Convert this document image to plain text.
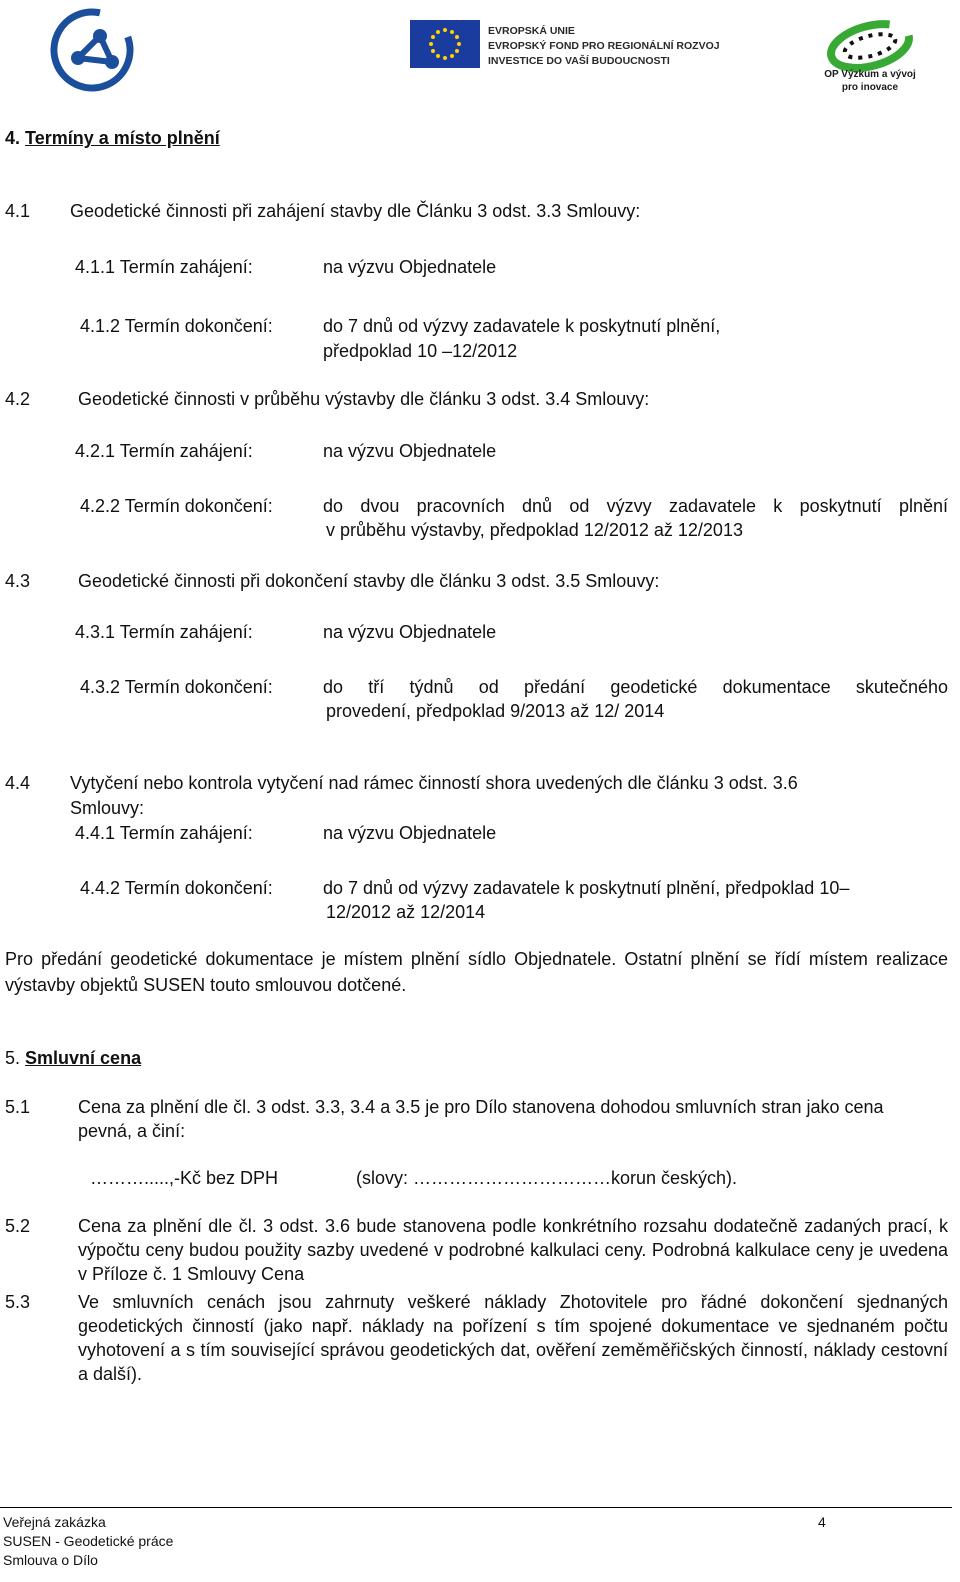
EVROPSKÁ UNIE
EVROPSKÝ FOND PRO REGIONÁLNÍ ROZVOJ
INVESTICE DO VAŠÍ BUDOUCNOSTI
OP Výzkum a vývoj
pro inovace
4. Termíny a místo plnění
4.1 Geodetické činnosti při zahájení stavby dle Článku 3 odst. 3.3 Smlouvy:
4.1.1 Termín zahájení:	na výzvu Objednatele
4.1.2 Termín dokončení:	do 7 dnů od výzvy zadavatele k poskytnutí plnění,
předpoklad 10 –12/2012
4.2	Geodetické činnosti v průběhu výstavby dle článku 3 odst. 3.4 Smlouvy:
4.2.1 Termín zahájení:	na výzvu Objednatele
4.2.2 Termín dokončení:	do dvou pracovních dnů od výzvy zadavatele k poskytnutí plnění
v průběhu výstavby, předpoklad 12/2012 až 12/2013
4.3	Geodetické činnosti při dokončení stavby dle článku 3 odst. 3.5 Smlouvy:
4.3.1 Termín zahájení:	na výzvu Objednatele
4.3.2 Termín dokončení:	do tří týdnů od předání geodetické dokumentace skutečného
provedení, předpoklad 9/2013 až 12/ 2014
4.4 Vytyčení nebo kontrola vytyčení nad rámec činností shora uvedených dle článku 3 odst. 3.6
Smlouvy:
4.4.1 Termín zahájení:	na výzvu Objednatele
4.4.2 Termín dokončení:	do 7 dnů od výzvy zadavatele k poskytnutí plnění, předpoklad 10–
12/2012 až 12/2014
Pro předání geodetické dokumentace je místem plnění sídlo Objednatele. Ostatní plnění se řídí místem realizace výstavby objektů SUSEN touto smlouvou dotčené.
5. Smluvní cena
5.1	Cena za plnění dle čl. 3 odst. 3.3, 3.4 a 3.5 je pro Dílo stanovena dohodou smluvních stran jako cena pevná, a činí:
……….....,-Kč bez DPH	(slovy: ……………………………korun českých).
5.2	Cena za plnění dle čl. 3 odst. 3.6 bude stanovena podle konkrétního rozsahu dodatečně zadaných prací, k výpočtu ceny budou použity sazby uvedené v podrobné kalkulaci ceny. Podrobná kalkulace ceny je uvedena v Příloze č. 1 Smlouvy Cena
5.3	Ve smluvních cenách jsou zahrnuty veškeré náklady Zhotovitele pro řádné dokončení sjednaných geodetických činností (jako např. náklady na pořízení s tím spojené dokumentace ve sjednaném počtu vyhotovení a s tím související správou geodetických dat, ověření zeměměřičských činností, náklady cestovní a další).
Veřejná zakázka
SUSEN - Geodetické práce
Smlouva o Dílo
4
